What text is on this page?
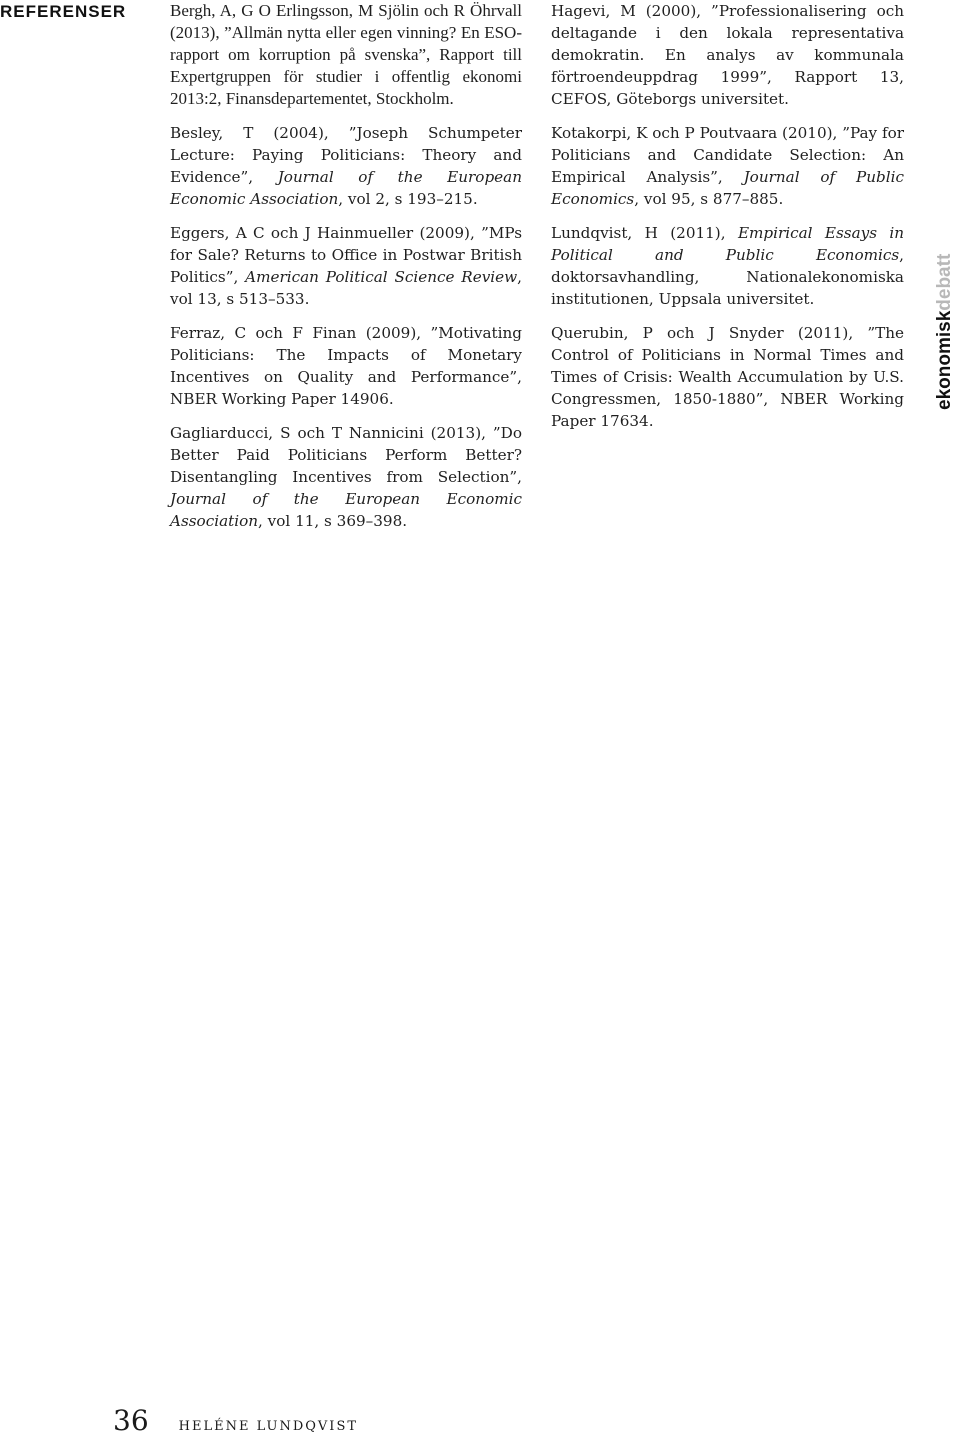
REFERENSER	Bergh, A, G O Erlingsson, M Sjölin och R Öhrvall (2013), ”Allmän nytta eller egen vinning? En ESO-rapport om korruption på svenska”, Rapport till Expertgruppen för studier i offentlig ekonomi 2013:2, Finansdepartementet, Stockholm.

Besley, T (2004), ”Joseph Schumpeter Lecture: Paying Politicians: Theory and Evidence”, Journal of the European Economic Association, vol 2, s 193–215.

Eggers, A C och J Hainmueller (2009), ”MPs for Sale? Returns to Office in Postwar British Politics”, American Political Science Review, vol 13, s 513–533.

Ferraz, C och F Finan (2009), ”Motivating Politicians: The Impacts of Monetary Incentives on Quality and Performance”, NBER Working Paper 14906.

Gagliarducci, S och T Nannicini (2013), ”Do Better Paid Politicians Perform Better? Disentangling Incentives from Selection”, Journal of the European Economic Association, vol 11, s 369–398.

Hagevi, M (2000), ”Professionalisering och deltagande i den lokala representativa demokratin. En analys av kommunala förtroendeuppdrag 1999”, Rapport 13, CEFOS, Göteborgs universitet.

Kotakorpi, K och P Poutvaara (2010), ”Pay for Politicians and Candidate Selection: An Empirical Analysis”, Journal of Public Economics, vol 95, s 877–885.

Lundqvist, H (2011), Empirical Essays in Political and Public Economics, doktorsavhandling, Nationalekonomiska institutionen, Uppsala universitet.

Querubin, P och J Snyder (2011), ”The Control of Politicians in Normal Times and Times of Crisis: Wealth Accumulation by U.S. Congressmen, 1850-1880”, NBER Working Paper 17634.

ekonomiskdebatt
36 HELÉNE LUNDQVIST
